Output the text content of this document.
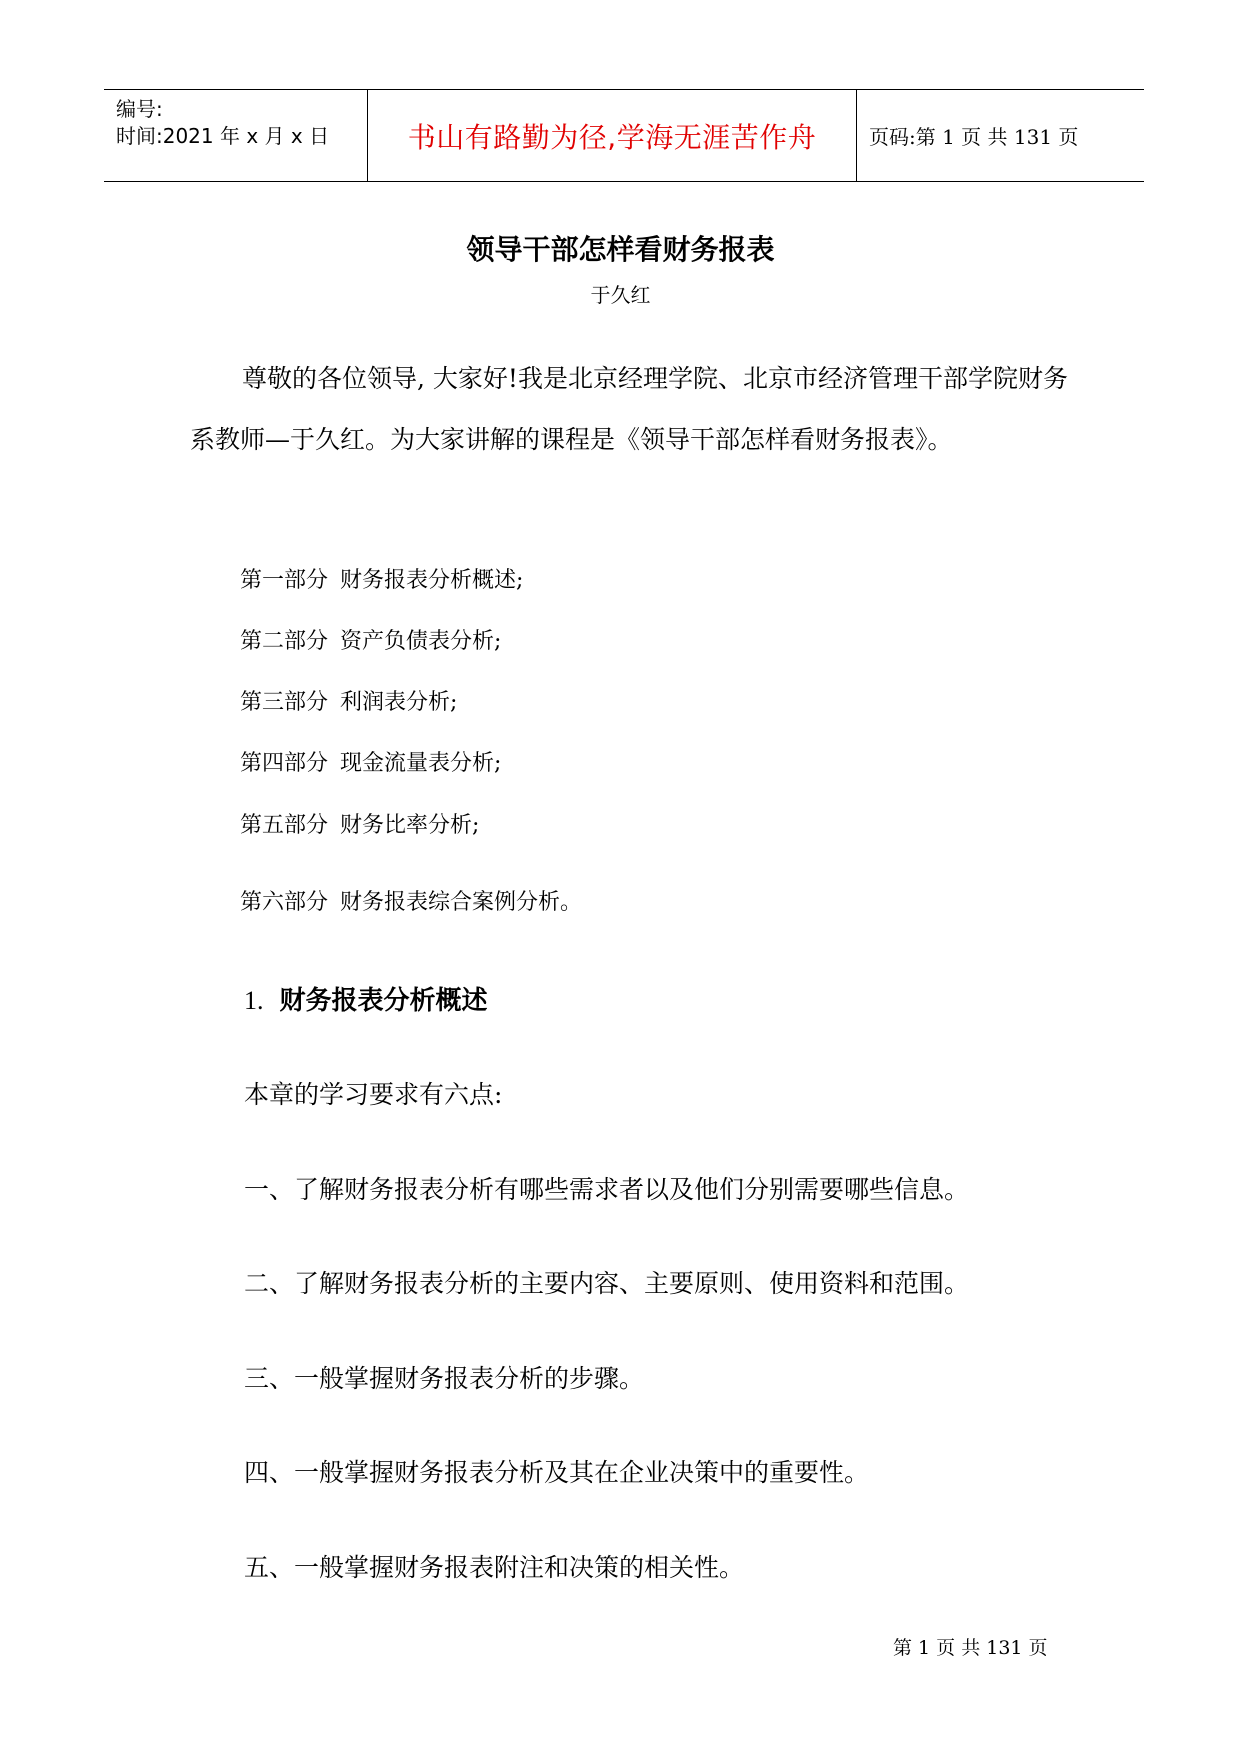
编号:
时间:2021 年 x 月 x 日	书山有路勤为径,学海无涯苦作舟	页码:第 1 页 共 131 页
领导干部怎样看财务报表
于久红

尊敬的各位领导, 大家好!我是北京经理学院、北京市经济管理干部学院财务系教师—于久红。为大家讲解的课程是《领导干部怎样看财务报表》。

第一部分 财务报表分析概述;
第二部分 资产负债表分析;
第三部分 利润表分析;
第四部分 现金流量表分析;
第五部分 财务比率分析;
第六部分 财务报表综合案例分析。
1. 财务报表分析概述
本章的学习要求有六点:
一、了解财务报表分析有哪些需求者以及他们分别需要哪些信息。
二、了解财务报表分析的主要内容、主要原则、使用资料和范围。
三、一般掌握财务报表分析的步骤。
四、一般掌握财务报表分析及其在企业决策中的重要性。
五、一般掌握财务报表附注和决策的相关性。
第 1 页 共 131 页
